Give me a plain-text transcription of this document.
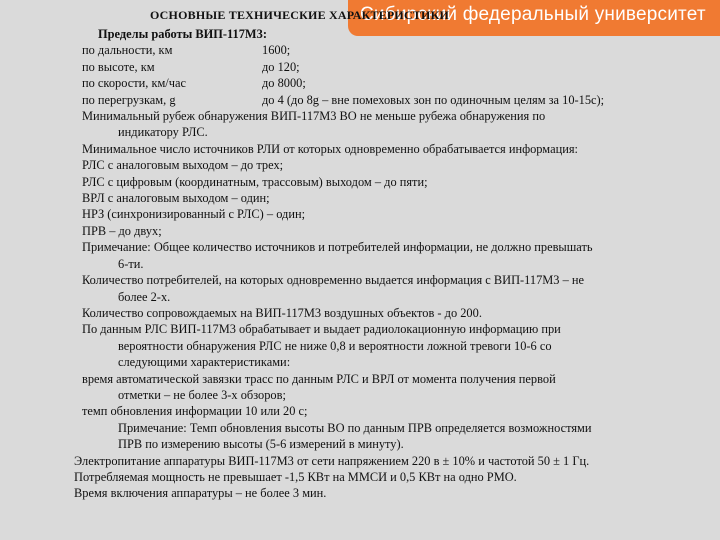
Сибирский федеральный университет
ОСНОВНЫЕ ТЕХНИЧЕСКИЕ ХАРАКТЕРИСТИКИ
Пределы работы ВИП-117М3:
по дальности, км	1600;
по высоте, км	до 120;
по скорости, км/час	до 8000;
по перегрузкам, g	до 4 (до 8g – вне помеховых зон по одиночным целям за 10-15с);
Минимальный рубеж обнаружения ВИП-117М3 ВО не меньше рубежа обнаружения по
индикатору РЛС.
Минимальное число источников РЛИ от которых одновременно обрабатывается информация:
РЛС с аналоговым выходом – до трех;
РЛС с цифровым (координатным, трассовым) выходом – до пяти;
ВРЛ с аналоговым выходом – один;
НРЗ (синхронизированный с РЛС) – один;
ПРВ – до двух;
Примечание: Общее количество источников и потребителей информации, не должно превышать
6-ти.
Количество потребителей, на которых одновременно выдается информация с ВИП-117М3 – не
более 2-х.
Количество сопровождаемых на ВИП-117М3 воздушных объектов - до 200.
По данным РЛС ВИП-117М3 обрабатывает и выдает радиолокационную информацию при
вероятности обнаружения РЛС не ниже 0,8 и вероятности ложной тревоги 10-6 со
следующими характеристиками:
время автоматической завязки трасс по данным РЛС и ВРЛ от момента получения первой
отметки – не более 3-х обзоров;
темп обновления информации 10 или 20 с;
Примечание: Темп обновления высоты ВО по данным ПРВ определяется возможностями
ПРВ по измерению высоты (5-6 измерений в минуту).
Электропитание аппаратуры ВИП-117М3 от сети напряжением 220 в ± 10% и частотой 50 ± 1 Гц.
Потребляемая мощность не превышает -1,5 КВт на ММСИ и 0,5 КВт на одно РМО.
Время включения аппаратуры – не более 3 мин.
